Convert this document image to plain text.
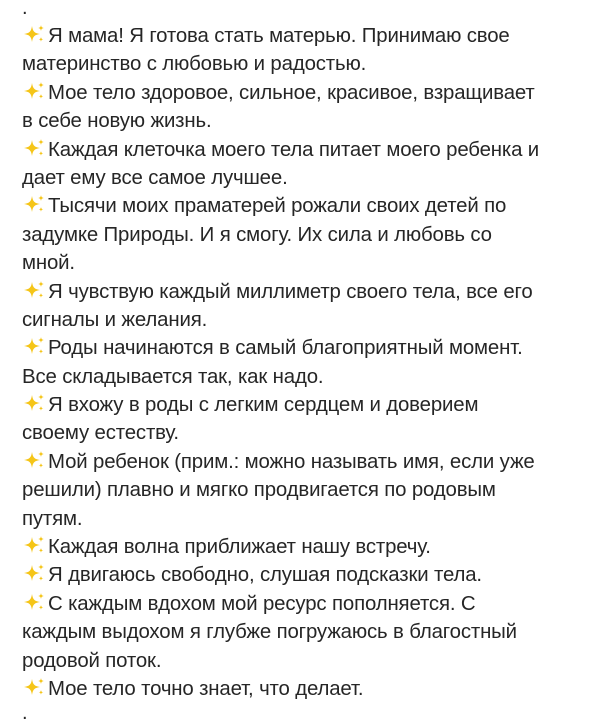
.
Я мама! Я готова стать матерью. Принимаю свое
материнство с любовью и радостью.
Мое тело здоровое, сильное, красивое, взращивает
в себе новую жизнь.
Каждая клеточка моего тела питает моего ребенка и
дает ему все самое лучшее.
Тысячи моих праматерей рожали своих детей по
задумке Природы. И я смогу. Их сила и любовь со
мной.
Я чувствую каждый миллиметр своего тела, все его
сигналы и желания.
Роды начинаются в самый благоприятный момент.
Все складывается так, как надо.
Я вхожу в роды с легким сердцем и доверием
своему естеству.
Мой ребенок (прим.: можно называть имя, если уже
решили) плавно и мягко продвигается по родовым
путям.
Каждая волна приближает нашу встречу.
Я двигаюсь свободно, слушая подсказки тела.
С каждым вдохом мой ресурс пополняется. С
каждым выдохом я глубже погружаюсь в благостный
родовой поток.
Мое тело точно знает, что делает.
.
